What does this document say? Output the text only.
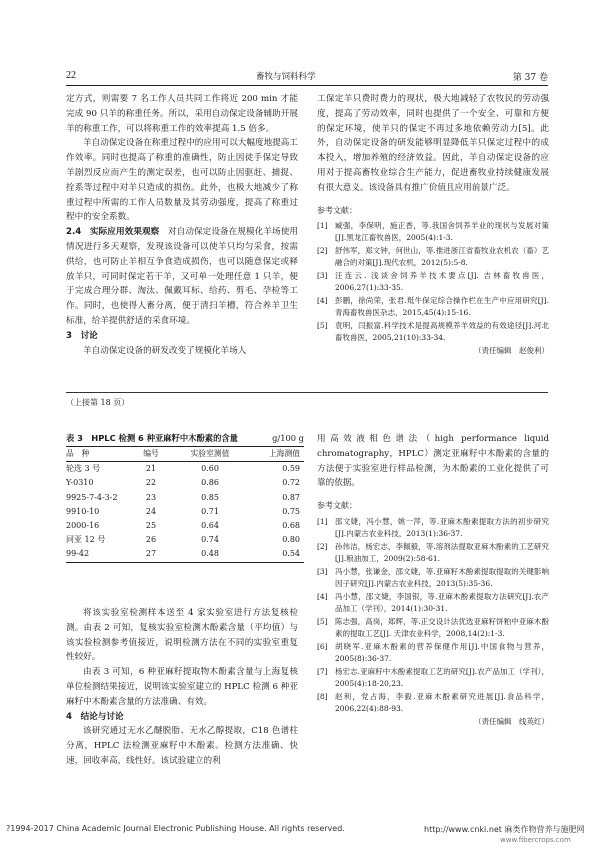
22	畜牧与饲料科学	第 37 卷

定方式，则需要 7 名工作人员共同工作将近 200 min 才能完成 90 只羊的称重任务。所以，采用自动保定设备辅助开展羊的称重工作，可以将称重工作的效率提高 1.5 倍多。

羊自动保定设备在称重过程中的应用可以大幅度地提高工作效率。同时也提高了称重的准确性，防止因徒手保定导致羊剧烈反应而产生的测定误差，也可以防止因驱赶、捕捉、拴系等过程中对羊只造成的损伤。此外，也极大地减少了称重过程中所需的工作人员数量及其劳动强度，提高了称重过程中的安全系数。

2.4　实际应用效果观察　 对自动保定设备在规模化羊场使用情况进行多天观察，发现该设备可以使羊只均匀采食，按需供给，也可防止羊相互争食造成损伤，也可以随意保定或释放羊只，可同时保定若干羊，又可单一处理任意 1 只羊，便于完成合理分群、淘汰、佩戴耳标、给药、剪毛、孕检等工作。同时，也使得人畜分离，便于清扫羊槽，符合养羊卫生标准，给羊提供舒适的采食环境。

3　讨论

羊自动保定设备的研发改变了规模化羊场人

工保定羊只费时费力的现状，极大地减轻了农牧民的劳动强度，提高了劳动效率，同时也提供了一个安全、可靠和方便的保定环境，使羊只的保定不再过多地依赖劳动力[5]。此外，自动保定设备的研发能够明显降低羊只保定过程中的成本投入，增加养殖的经济效益。因此，羊自动保定设备的应用对于提高畜牧业综合生产能力，促进畜牧业持续健康发展有很大意义。该设备具有推广价值且应用前景广泛。

参考文献：
[1] 臧强，李保明，施正香，等.我国舍饲养羊业的现状与发展对策[J].黑龙江畜牧兽医，2005(4):1-3.
[2] 舒伟军，郑文钟，何世山，等.推进浙江省畜牧业农机农（畜）艺融合的对策[J].现代农机，2012(5):5-8.
[3] 汪连云. 浅谈舍饲养羊技术要点[J]. 吉林畜牧兽医，2006,27(1):33-35.
[4] 彭鹏，徐尚荣，张君.羝牛保定综合操作栏在生产中应用研究[J].青海畜牧兽医杂志，2015,45(4):15-16.
[5] 袁明，闫振富.科学技术是提高规模养羊效益的有效途径[J].河北畜牧兽医，2005,21(10):33-34.
（责任编辑　赵俊利）
（上接第 18 页）
表 3　HPLC 检测 6 种亚麻籽中木酚素的含量	g/100 g
品　种	编号	实验室测值	上海测值
轮选 3 号	21	0.60	0.59
Y-0310	22	0.86	0.72
9925-7-4-3-2	23	0.85	0.87
9910-10	24	0.71	0.75
2000-16	25	0.64	0.68
同亚 12 号	26	0.74	0.80
99-42	27	0.48	0.54

将该实验室检测样本送至 4 家实验室进行方法复核检测。由表 2 可知，复核实验室检测木酚素含量（平均值）与该实验检测参考值接近，说明检测方法在不同的实验室重复性较好。

由表 3 可知，6 种亚麻籽提取物木酚素含量与上海复核单位检测结果接近，说明该实验室建立的 HPLC 检测 6 种亚麻籽中木酚素含量的方法准确、有效。

4　结论与讨论

该研究通过无水乙醚脱脂、无水乙醇提取，C18 色谱柱分离，HPLC 法检测亚麻籽中木酚素。检测方法准确、快速，回收率高，线性好。该试验建立的利

用高效液相色谱法（high performance liquid chromatography，HPLC）测定亚麻籽中木酚素的含量的方法便于实验室进行样品检测，为木酚素的工业化提供了可靠的依据。

参考文献：
[1] 邵文婕，冯小慧，姚一萍，等.亚麻木酚素提取方法的初步研究[J].内蒙古农业科技，2013(1):36-37.
[2] 孙伟洁，杨宏志，李佩毅，等.溶剂法提取亚麻木酚素的工艺研究[J].粮油加工，2009(2):58-61.
[3] 冯小慧，张谦金，邵文婕，等.亚麻籽木酚素提取提取的关键影响因子研究[J].内蒙古农业科技，2013(5):35-36.
[4] 冯小慧，邵文婕，李国银，等.亚麻木酚素提取方法研究[J].农产品加工（学刊），2014(1):30-31.
[5] 陈志强，高岗，郑辉，等.正交设计法优选亚麻籽饼粕中亚麻木酚素的提取工艺[J]. 天津农业科学，2008,14(2):1-3.
[6] 胡晓军.亚麻木酚素的营养保健作用[J].中国食物与营养，2005(8):36-37.
[7] 杨宏志.亚麻籽中木酚素提取工艺的研究[J].农产品加工（学刊），2005(4):18-20,23.
[8] 赵利，党占海，李毅.亚麻木酚素研究进展[J].食品科学，2006,22(4):88-93.
（责任编辑　线英红）
?1994-2017 China Academic Journal Electronic Publishing House. All rights reserved.	http://www.cnki.net 麻类作物营养与施肥网
www.fibercrops.com
